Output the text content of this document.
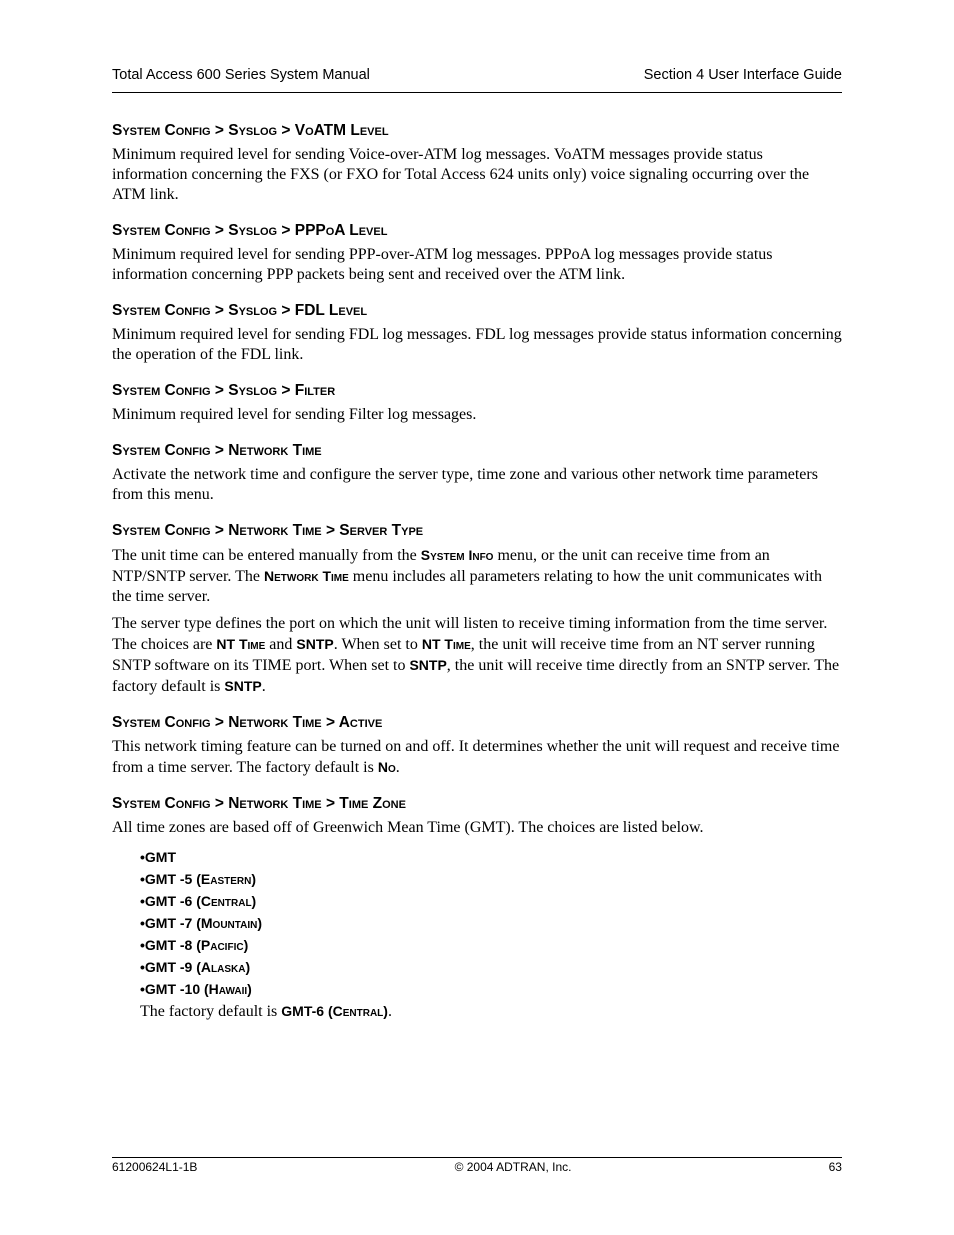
Total Access 600 Series System Manual	Section 4 User Interface Guide
System Config > Syslog > VoATM Level

Minimum required level for sending Voice-over-ATM log messages. VoATM messages provide status information concerning the FXS (or FXO for Total Access 624 units only) voice signaling occurring over the ATM link.

System Config > Syslog > PPPoA Level

Minimum required level for sending PPP-over-ATM log messages. PPPoA log messages provide status information concerning PPP packets being sent and received over the ATM link.

System Config > Syslog > FDL Level

Minimum required level for sending FDL log messages. FDL log messages provide status information concerning the operation of the FDL link.

System Config > Syslog > Filter

Minimum required level for sending Filter log messages.

System Config > Network Time

Activate the network time and configure the server type, time zone and various other network time parameters from this menu.

System Config > Network Time > Server Type

The unit time can be entered manually from the System Info menu, or the unit can receive time from an NTP/SNTP server. The Network Time menu includes all parameters relating to how the unit communicates with the time server.

The server type defines the port on which the unit will listen to receive timing information from the time server. The choices are NT Time and SNTP. When set to NT Time, the unit will receive time from an NT server running SNTP software on its TIME port. When set to SNTP, the unit will receive time directly from an SNTP server. The factory default is SNTP.

System Config > Network Time > Active

This network timing feature can be turned on and off. It determines whether the unit will request and receive time from a time server. The factory default is No.

System Config > Network Time > Time Zone

All time zones are based off of Greenwich Mean Time (GMT). The choices are listed below.

•GMT
•GMT -5 (Eastern)
•GMT -6 (Central)
•GMT -7 (Mountain)
•GMT -8 (Pacific)
•GMT -9 (Alaska)
•GMT -10 (Hawaii)

The factory default is GMT-6 (Central).

61200624L1-1B	© 2004 ADTRAN, Inc.	63
